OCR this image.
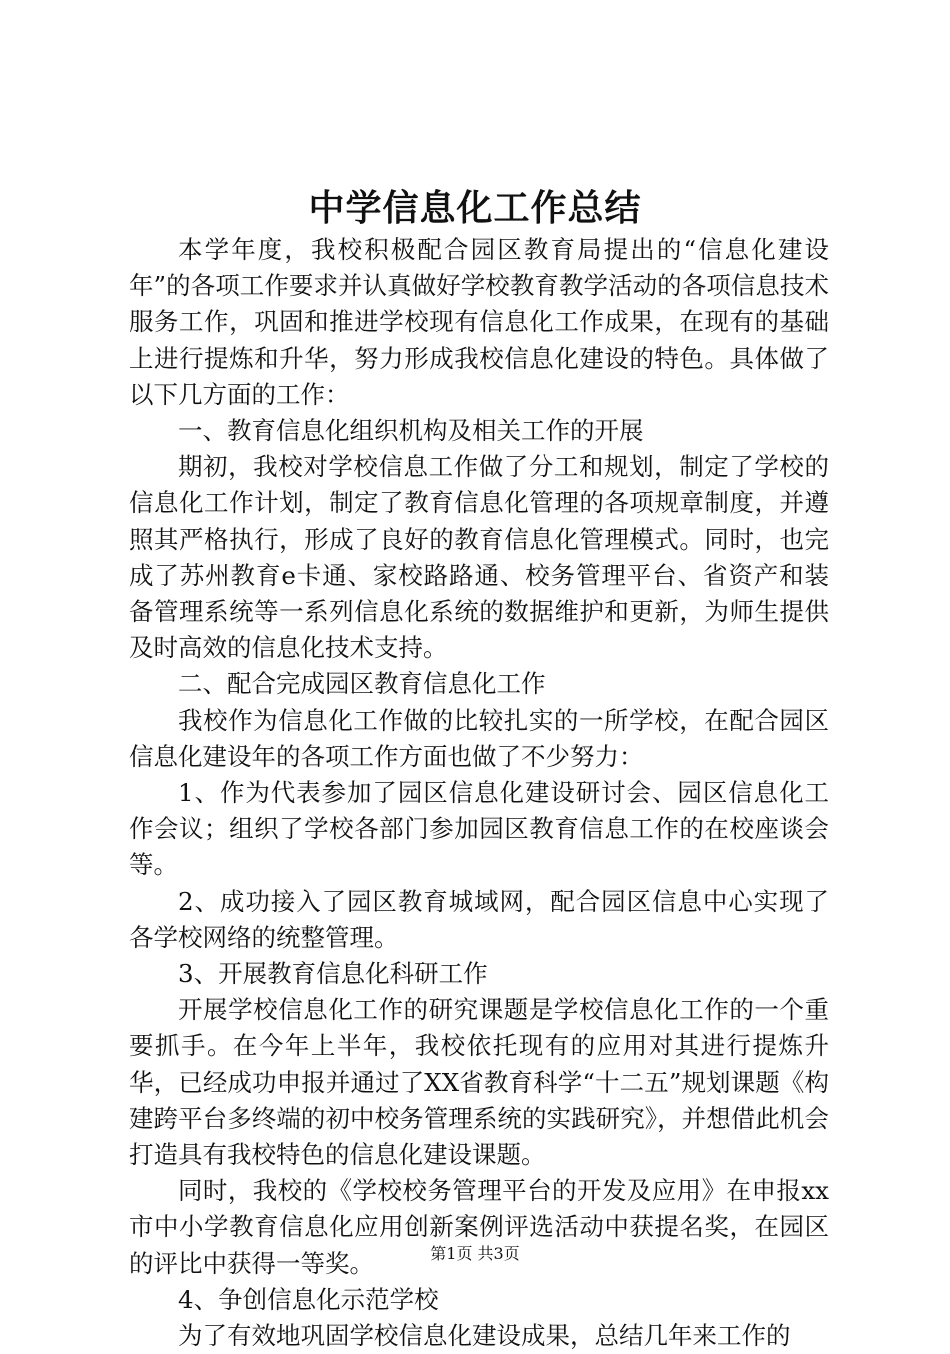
中学信息化工作总结

本学年度，我校积极配合园区教育局提出的“信息化建设年”的各项工作要求并认真做好学校教育教学活动的各项信息技术服务工作，巩固和推进学校现有信息化工作成果，在现有的基础上进行提炼和升华，努力形成我校信息化建设的特色。具体做了以下几方面的工作：

一、教育信息化组织机构及相关工作的开展

期初，我校对学校信息工作做了分工和规划，制定了学校的信息化工作计划，制定了教育信息化管理的各项规章制度，并遵照其严格执行，形成了良好的教育信息化管理模式。同时，也完成了苏州教育e卡通、家校路路通、校务管理平台、省资产和装备管理系统等一系列信息化系统的数据维护和更新，为师生提供及时高效的信息化技术支持。

二、配合完成园区教育信息化工作

我校作为信息化工作做的比较扎实的一所学校，在配合园区信息化建设年的各项工作方面也做了不少努力：

1、作为代表参加了园区信息化建设研讨会、园区信息化工作会议；组织了学校各部门参加园区教育信息工作的在校座谈会等。

2、成功接入了园区教育城域网，配合园区信息中心实现了各学校网络的统整管理。

3、开展教育信息化科研工作

开展学校信息化工作的研究课题是学校信息化工作的一个重要抓手。在今年上半年，我校依托现有的应用对其进行提炼升华，已经成功申报并通过了XX省教育科学“十二五”规划课题《构建跨平台多终端的初中校务管理系统的实践研究》，并想借此机会打造具有我校特色的信息化建设课题。

同时，我校的《学校校务管理平台的开发及应用》在申报xx市中小学教育信息化应用创新案例评选活动中获提名奖，在园区的评比中获得一等奖。

4、争创信息化示范学校

为了有效地巩固学校信息化建设成果，总结几年来工作的

第1页 共3页
